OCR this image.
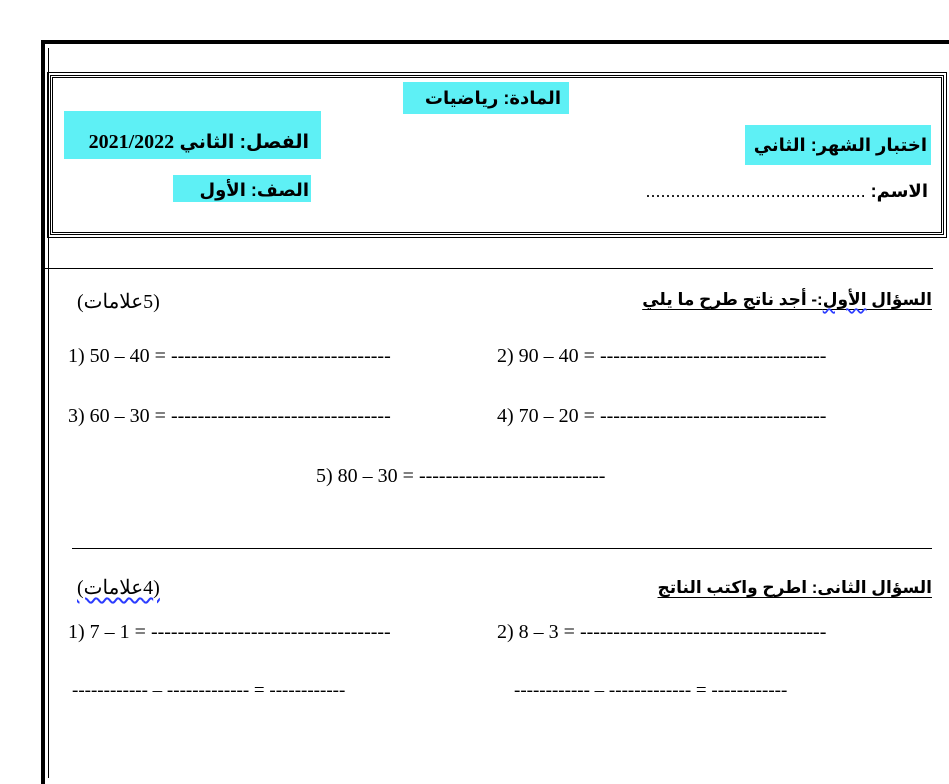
المادة: رياضيات
الفصل: الثاني 2021/2022	اختبار الشهر: الثاني
الصف: الأول	الاسم: ............................................
السؤال الأول:- أجد ناتج طرح ما يلي
(5علامات)
1) 50 – 40 = ---------------------------------	2) 90 – 40 = ----------------------------------
3) 60 – 30 = ---------------------------------	4) 70 – 20 = ----------------------------------
5) 80 – 30 = ----------------------------
السؤال الثانى: اطرح واكتب الناتج
(4علامات)
1) 7 – 1 = ------------------------------------	2) 8 – 3 = -------------------------------------
------------ – ------------- = ------------	------------ – ------------- = ------------
